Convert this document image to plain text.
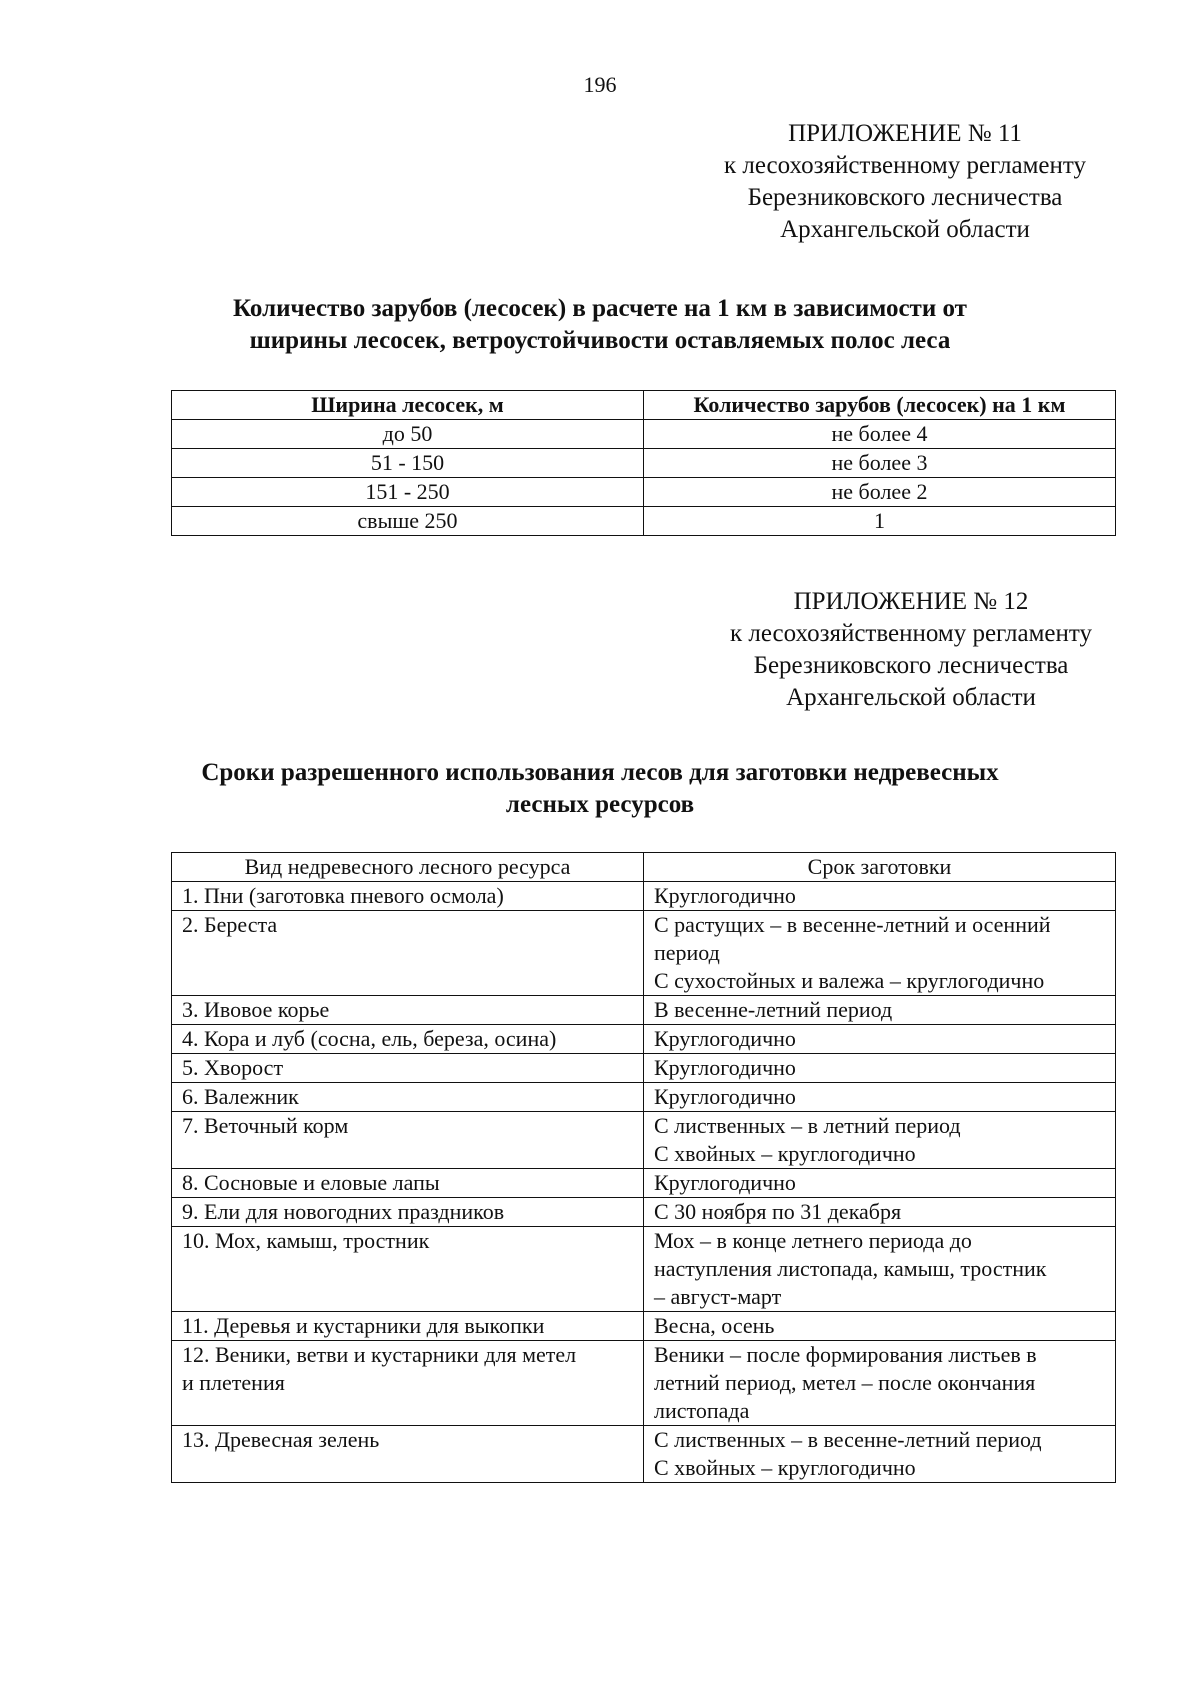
196
ПРИЛОЖЕНИЕ № 11
к лесохозяйственному регламенту
Березниковского лесничества
Архангельской области
Количество зарубов (лесосек) в расчете на 1 км в зависимости от
ширины лесосек, ветроустойчивости оставляемых полос леса
Ширина лесосек, м	Количество зарубов (лесосек) на 1 км
до 50	не более 4
51 - 150	не более 3
151 - 250	не более 2
свыше 250	1
ПРИЛОЖЕНИЕ № 12
к лесохозяйственному регламенту
Березниковского лесничества
Архангельской области
Сроки разрешенного использования лесов для заготовки недревесных
лесных ресурсов
Вид недревесного лесного ресурса	Срок заготовки

1. Пни (заготовка пневого осмола)	Круглогодично

2. Береста	С растущих – в весенне-летний и осенний
период
С сухостойных и валежа – круглогодично

3. Ивовое корье	В весенне-летний период

4. Кора и луб (сосна, ель, береза, осина)	Круглогодично

5. Хворост	Круглогодично

6. Валежник	Круглогодично

7. Веточный корм	С лиственных – в летний период
С хвойных – круглогодично

8. Сосновые и еловые лапы	Круглогодично

9. Ели для новогодних праздников	С 30 ноября по 31 декабря

10. Мох, камыш, тростник	Мох – в конце летнего периода до
наступления листопада, камыш, тростник
– август-март

11. Деревья и кустарники для выкопки	Весна, осень

12. Веники, ветви и кустарники для метел
и плетения	Веники – после формирования листьев в
летний период, метел – после окончания
листопада

13. Древесная зелень	С лиственных – в весенне-летний период
С хвойных – круглогодично
